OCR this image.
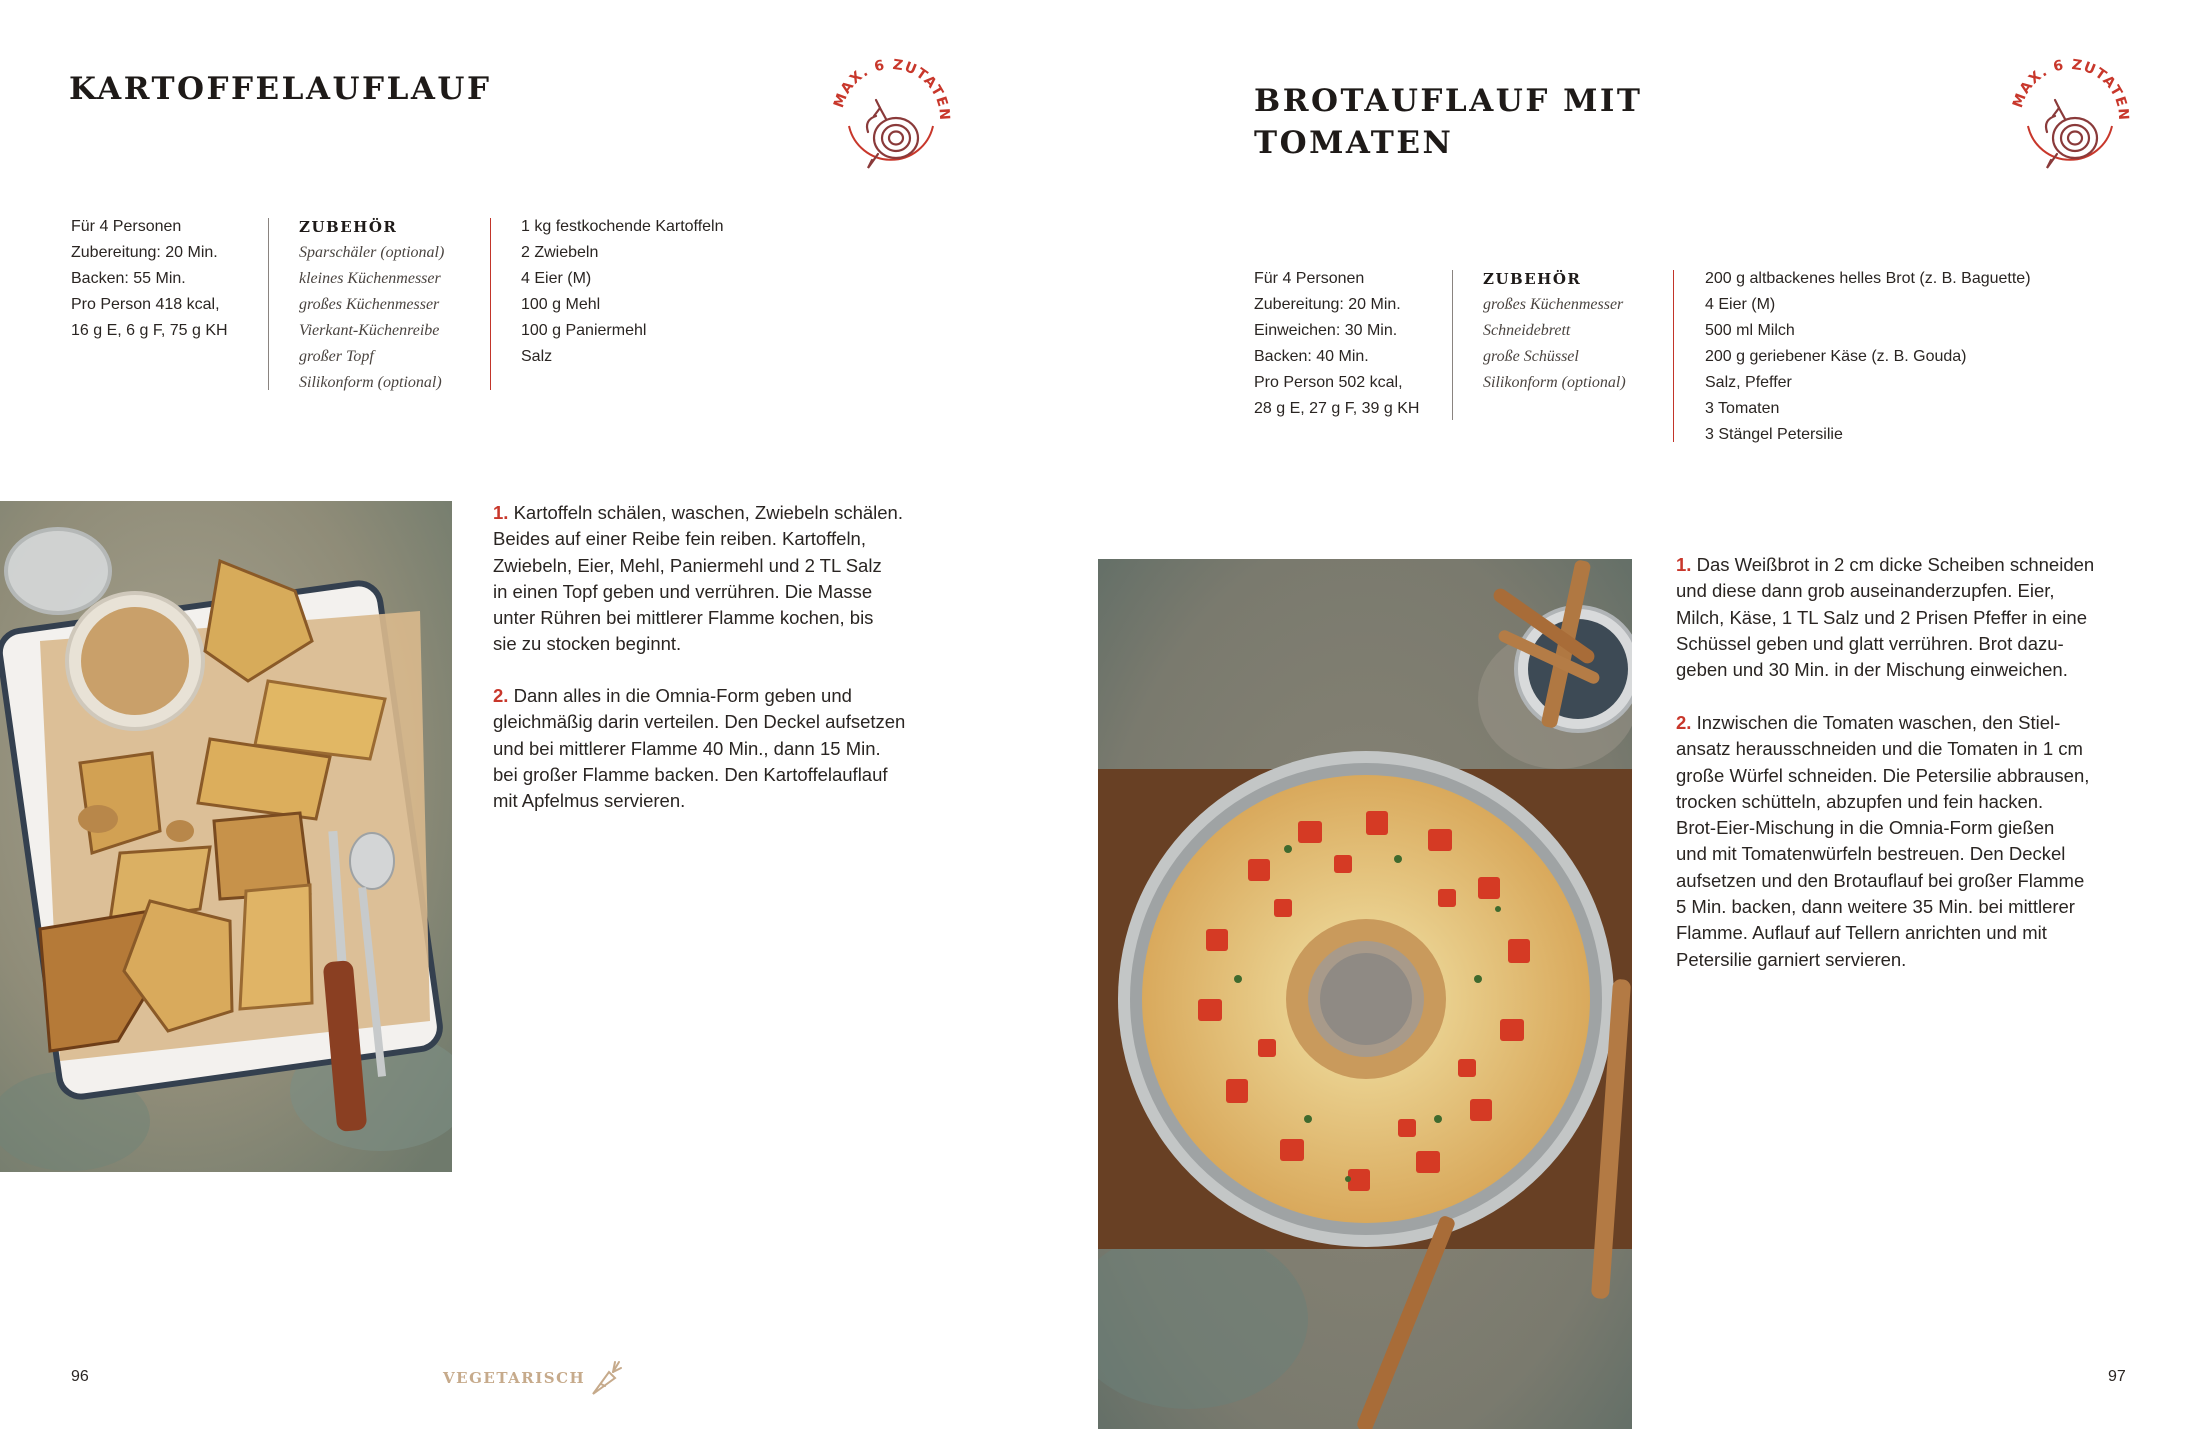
KARTOFFELAUFLAUF	MAX. 6 ZUTATEN
Für 4 Personen
Zubereitung: 20 Min.
Backen: 55 Min.
Pro Person 418 kcal,
16 g E, 6 g F, 75 g KH
ZUBEHÖR
Sparschäler (optional)
kleines Küchenmesser
großes Küchenmesser
Vierkant-Küchenreibe
großer Topf
Silikonform (optional)
1 kg festkochende Kartoffeln
2 Zwiebeln
4 Eier (M)
100 g Mehl
100 g Paniermehl
Salz
1. Kartoffeln schälen, waschen, Zwiebeln schälen.
Beides auf einer Reibe fein reiben. Kartoffeln,
Zwiebeln, Eier, Mehl, Paniermehl und 2 TL Salz
in einen Topf geben und verrühren. Die Masse
unter Rühren bei mittlerer Flamme kochen, bis
sie zu stocken beginnt.
2. Dann alles in die Omnia-Form geben und
gleichmäßig darin verteilen. Den Deckel aufsetzen
und bei mittlerer Flamme 40 Min., dann 15 Min.
bei großer Flamme backen. Den Kartoffelauflauf
mit Apfelmus servieren.
96	VEGETARISCH
BROTAUFLAUF MIT
TOMATEN
MAX. 6 ZUTATEN
Für 4 Personen
Zubereitung: 20 Min.
Einweichen: 30 Min.
Backen: 40 Min.
Pro Person 502 kcal,
28 g E, 27 g F, 39 g KH
ZUBEHÖR
großes Küchenmesser
Schneidebrett
große Schüssel
Silikonform (optional)
200 g altbackenes helles Brot (z. B. Baguette)
4 Eier (M)
500 ml Milch
200 g geriebener Käse (z. B. Gouda)
Salz, Pfeffer
3 Tomaten
3 Stängel Petersilie
1. Das Weißbrot in 2 cm dicke Scheiben schneiden
und diese dann grob auseinanderzupfen. Eier,
Milch, Käse, 1 TL Salz und 2 Prisen Pfeffer in eine
Schüssel geben und glatt verrühren. Brot dazu-
geben und 30 Min. in der Mischung einweichen.
2. Inzwischen die Tomaten waschen, den Stiel-
ansatz herausschneiden und die Tomaten in 1 cm
große Würfel schneiden. Die Petersilie abbrausen,
trocken schütteln, abzupfen und fein hacken.
Brot-Eier-Mischung in die Omnia-Form gießen
und mit Tomatenwürfeln bestreuen. Den Deckel
aufsetzen und den Brotauflauf bei großer Flamme
5 Min. backen, dann weitere 35 Min. bei mittlerer
Flamme. Auflauf auf Tellern anrichten und mit
Petersilie garniert servieren.
97
